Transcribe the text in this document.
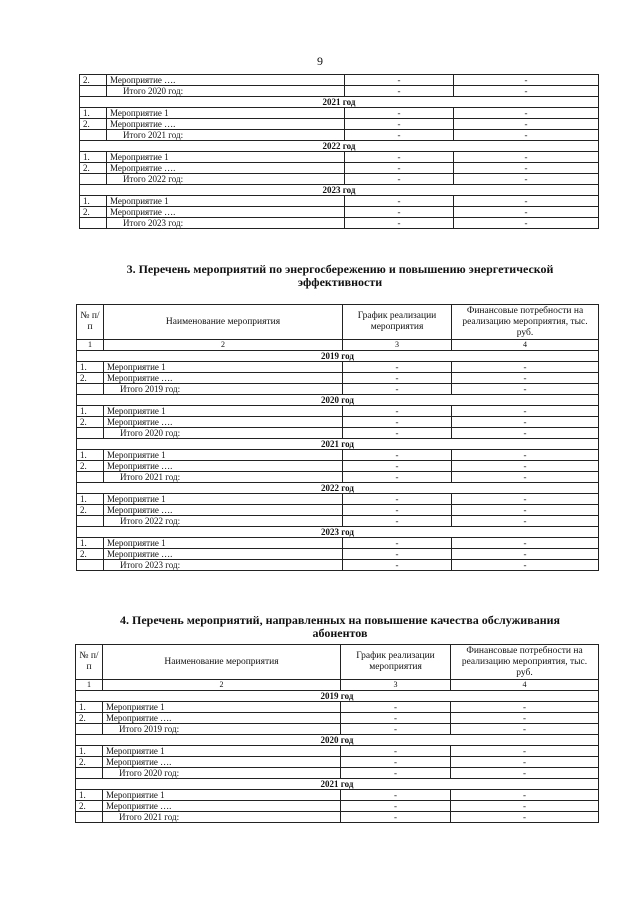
9
2.	Мероприятие ….	-	-
	Итого 2020 год:	-	-
2021 год			
1.	Мероприятие 1	-	-
2.	Мероприятие ….	-	-
	Итого 2021 год:	-	-
2022 год			
1.	Мероприятие 1	-	-
2.	Мероприятие ….	-	-
	Итого 2022 год:	-	-
2023 год			
1.	Мероприятие 1	-	-
2.	Мероприятие ….	-	-
	Итого 2023 год:	-	-
3. Перечень мероприятий по энергосбережению и повышению энергетической
эффективности
№ п/п	Наименование мероприятия	График реализации мероприятия	Финансовые потребности на реализацию мероприятия, тыс. руб.
1	2	3	4
2019 год			
1.	Мероприятие 1	-	-
2.	Мероприятие ….	-	-
	Итого 2019 год:	-	-
2020 год			
1.	Мероприятие 1	-	-
2.	Мероприятие ….	-	-
	Итого 2020 год:	-	-
2021 год			
1.	Мероприятие 1	-	-
2.	Мероприятие ….	-	-
	Итого 2021 год:	-	-
2022 год			
1.	Мероприятие 1	-	-
2.	Мероприятие ….	-	-
	Итого 2022 год:	-	-
2023 год			
1.	Мероприятие 1	-	-
2.	Мероприятие ….	-	-
	Итого 2023 год:	-	-
4. Перечень мероприятий, направленных на повышение качества обслуживания
абонентов
№ п/п	Наименование мероприятия	График реализации мероприятия	Финансовые потребности на реализацию мероприятия, тыс. руб.
1	2	3	4
2019 год			
1.	Мероприятие 1	-	-
2.	Мероприятие ….	-	-
	Итого 2019 год:	-	-
2020 год			
1.	Мероприятие 1	-	-
2.	Мероприятие ….	-	-
	Итого 2020 год:	-	-
2021 год			
1.	Мероприятие 1	-	-
2.	Мероприятие ….	-	-
	Итого 2021 год:	-	-
